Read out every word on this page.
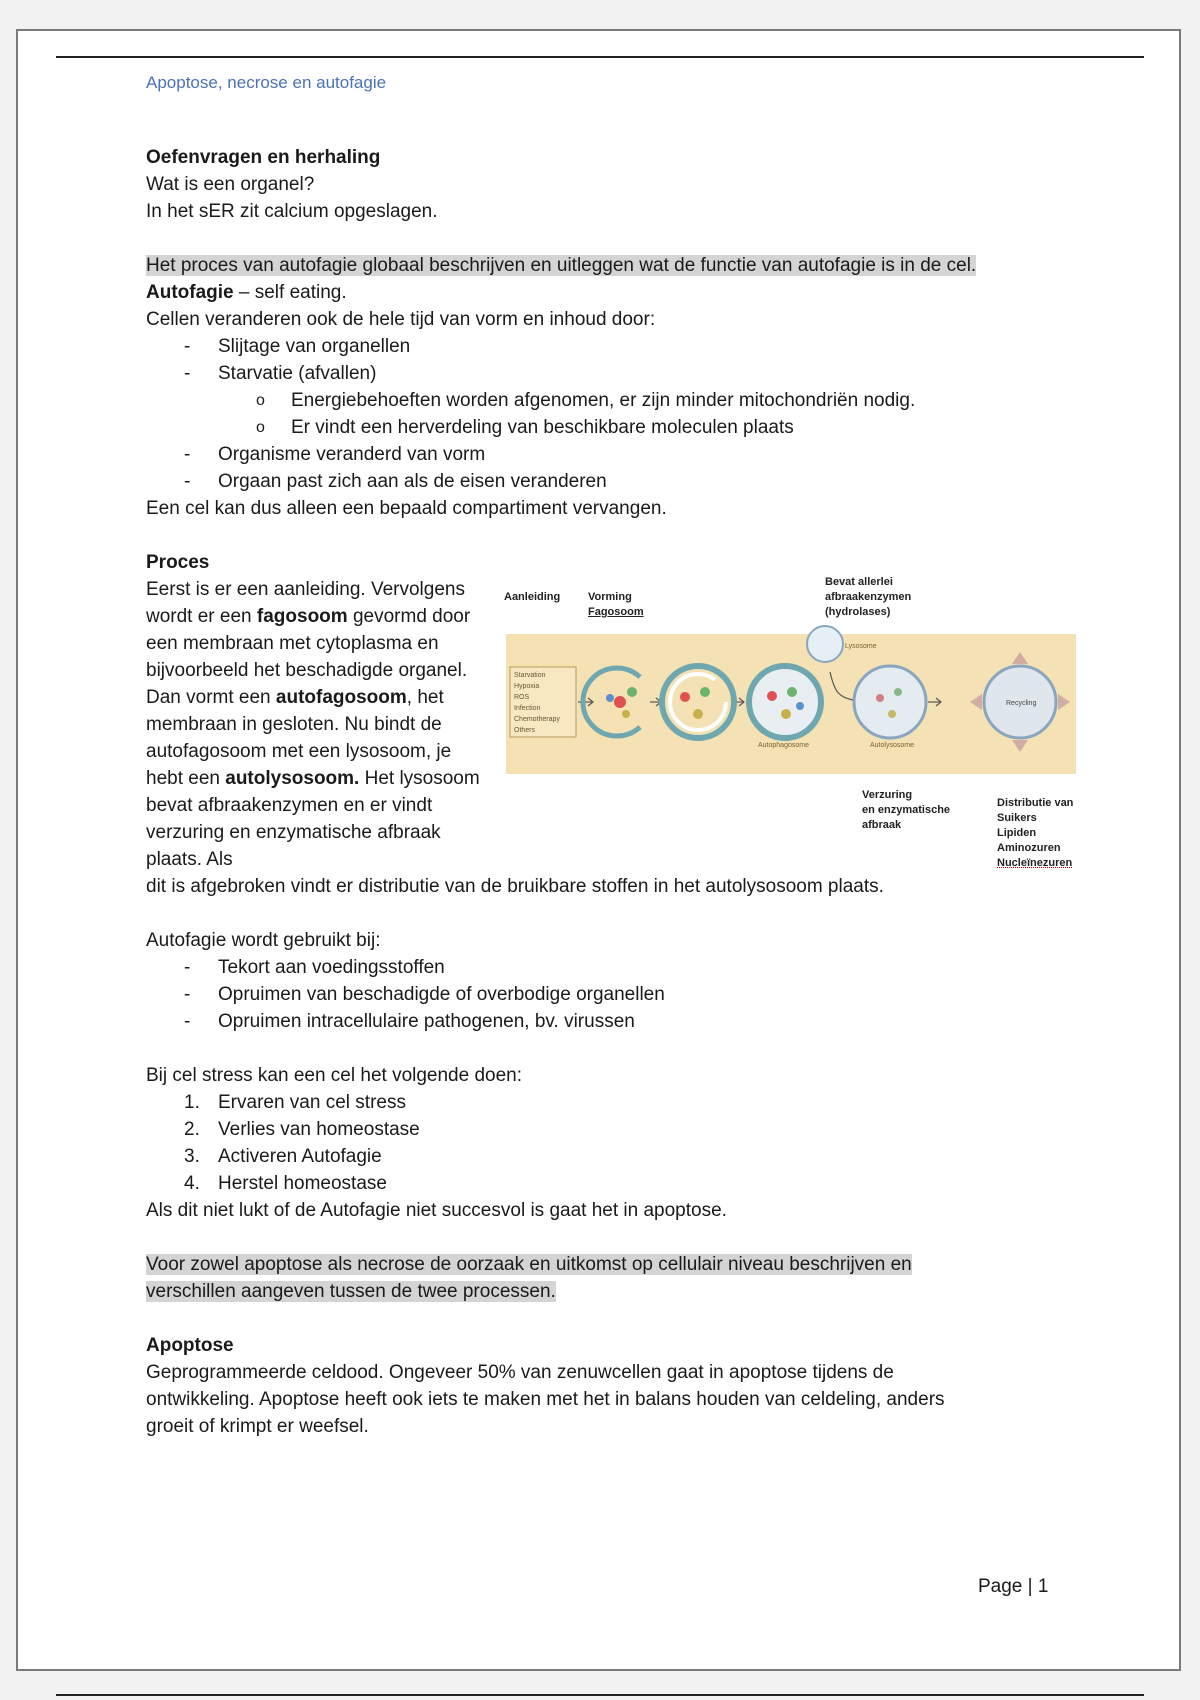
Apoptose, necrose en autofagie

Oefenvragen en herhaling

Wat is een organel?

In het sER zit calcium opgeslagen.

Het proces van autofagie globaal beschrijven en uitleggen wat de functie van autofagie is in de cel.

Autofagie – self eating.

Cellen veranderen ook de hele tijd van vorm en inhoud door:

- Slijtage van organellen

- Starvatie (afvallen)

o Energiebehoeften worden afgenomen, er zijn minder mitochondriën nodig.

o Er vindt een herverdeling van beschikbare moleculen plaats

- Organisme veranderd van vorm

- Orgaan past zich aan als de eisen veranderen

Een cel kan dus alleen een bepaald compartiment vervangen.

Proces

Eerst is er een aanleiding. Vervolgens wordt er een fagosoom gevormd door een membraan met cytoplasma en bijvoorbeeld het beschadigde organel. Dan vormt een autofagosoom, het membraan in gesloten. Nu bindt de autofagosoom met een lysosoom, je hebt een autolysosoom. Het lysosoom bevat afbraakenzymen en er vindt verzuring en enzymatische afbraak plaats. Als

dit is afgebroken vindt er distributie van de bruikbare stoffen in het autolysosoom plaats.

Autofagie wordt gebruikt bij:

- Tekort aan voedingsstoffen

- Opruimen van beschadigde of overbodige organellen

- Opruimen intracellulaire pathogenen, bv. virussen

Bij cel stress kan een cel het volgende doen:

1. Ervaren van cel stress

2. Verlies van homeostase

3. Activeren Autofagie

4. Herstel homeostase

Als dit niet lukt of de Autofagie niet succesvol is gaat het in apoptose.

Voor zowel apoptose als necrose de oorzaak en uitkomst op cellulair niveau beschrijven en

verschillen aangeven tussen de twee processen.

Apoptose

Geprogrammeerde celdood. Ongeveer 50% van zenuwcellen gaat in apoptose tijdens de

ontwikkeling. Apoptose heeft ook iets te maken met het in balans houden van celdeling, anders

groeit of krimpt er weefsel.

Aanleiding	Vorming
Fagosoom
Bevat allerlei
afbraakenzymen
(hydrolases)
Starvation
Hypoxia
ROS
Infection
Chemotherapy
Others
Lysosome
Autophagosome	Autolysosome
Recycling
Verzuring
en enzymatische
afbraak
Distributie van
Suikers
Lipiden
Aminozuren
Nucleïnezuren
Page | 1
